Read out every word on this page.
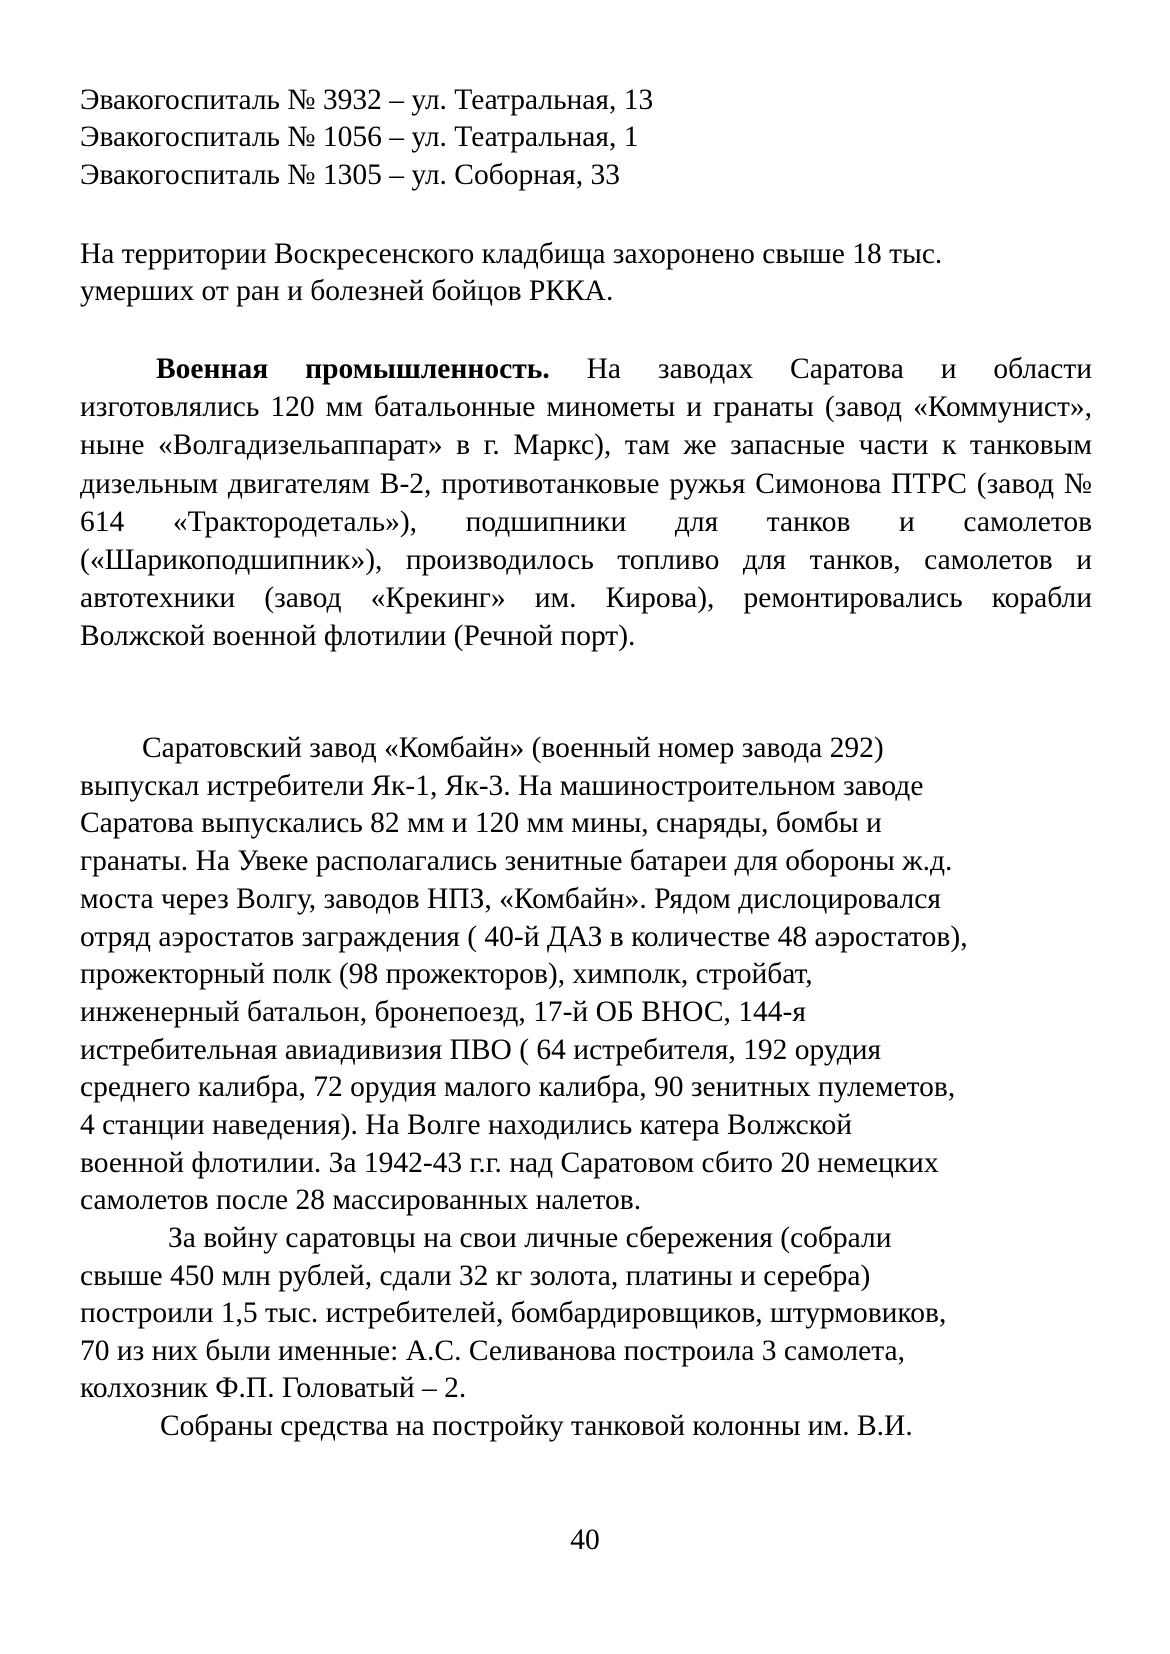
Эвакогоспиталь № 3932 – ул. Театральная, 13
Эвакогоспиталь № 1056 – ул. Театральная, 1
Эвакогоспиталь № 1305 – ул. Соборная, 33
На территории Воскресенского кладбища захоронено свыше 18 тыс.
умерших от ран и болезней бойцов РККА.
Военная промышленность. На заводах Саратова и области изготовлялись 120 мм батальонные минометы и гранаты (завод «Коммунист», ныне «Волгадизельаппарат» в г. Маркс), там же запасные части к танковым дизельным двигателям В-2, противотанковые ружья Симонова ПТРС (завод № 614 «Трактородеталь»), подшипники для танков и самолетов («Шарикоподшипник»), производилось топливо для танков, самолетов и автотехники (завод «Крекинг» им. Кирова), ремонтировались корабли Волжской военной флотилии (Речной порт).
Саратовский завод «Комбайн» (военный номер завода 292)
выпускал истребители Як-1, Як-3. На машиностроительном заводе
Саратова выпускались 82 мм и 120 мм мины, снаряды, бомбы и
гранаты. На Увеке располагались зенитные батареи для обороны ж.д.
моста через Волгу, заводов НПЗ, «Комбайн». Рядом дислоцировался
отряд аэростатов заграждения ( 40-й ДАЗ в количестве 48 аэростатов),
прожекторный полк (98 прожекторов), химполк, стройбат,
инженерный батальон, бронепоезд, 17-й ОБ ВНОС, 144-я
истребительная авиадивизия ПВО ( 64 истребителя, 192 орудия
среднего калибра, 72 орудия малого калибра, 90 зенитных пулеметов,
4 станции наведения). На Волге находились катера Волжской
военной флотилии. За 1942-43 г.г. над Саратовом сбито 20 немецких
самолетов после 28 массированных налетов.
За войну саратовцы на свои личные сбережения (собрали
свыше 450 млн рублей, сдали 32 кг золота, платины и серебра)
построили 1,5 тыс. истребителей, бомбардировщиков, штурмовиков,
70 из них были именные: А.С. Селиванова построила 3 самолета,
колхозник Ф.П. Головатый – 2.
Собраны средства на постройку танковой колонны им. В.И.
40
